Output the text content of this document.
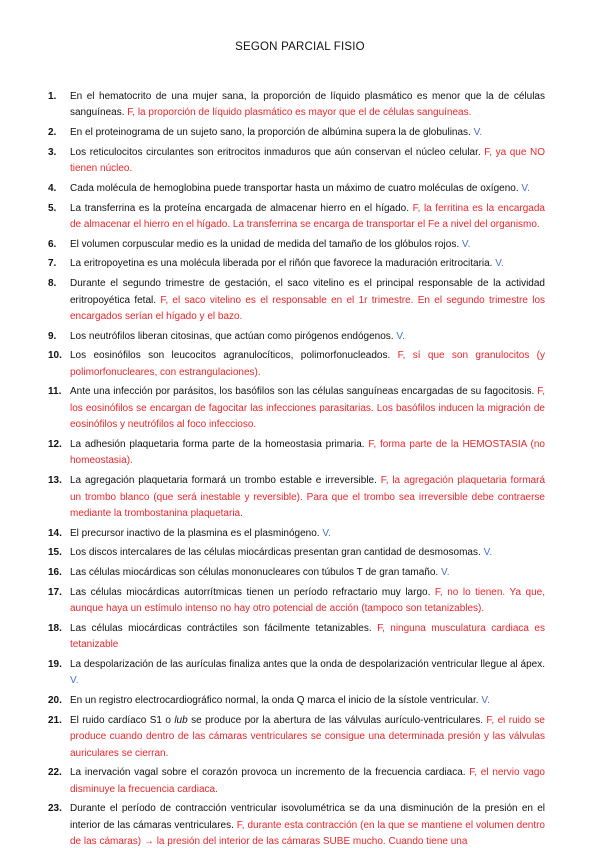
SEGON PARCIAL FISIO
1. En el hematocrito de una mujer sana, la proporción de líquido plasmático es menor que la de células sanguíneas. F, la proporción de líquido plasmático es mayor que el de células sanguíneas.
2. En el proteinograma de un sujeto sano, la proporción de albúmina supera la de globulinas. V.
3. Los reticulocitos circulantes son eritrocitos inmaduros que aún conservan el núcleo celular. F, ya que NO tienen núcleo.
4. Cada molécula de hemoglobina puede transportar hasta un máximo de cuatro moléculas de oxígeno. V.
5. La transferrina es la proteína encargada de almacenar hierro en el hígado. F, la ferritina es la encargada de almacenar el hierro en el hígado. La transferrina se encarga de transportar el Fe a nivel del organismo.
6. El volumen corpuscular medio es la unidad de medida del tamaño de los glóbulos rojos. V.
7. La eritropoyetina es una molécula liberada por el riñón que favorece la maduración eritrocitaria. V.
8. Durante el segundo trimestre de gestación, el saco vitelino es el principal responsable de la actividad eritropoyética fetal. F, el saco vitelino es el responsable en el 1r trimestre. En el segundo trimestre los encargados serían el hígado y el bazo.
9. Los neutrófilos liberan citosinas, que actúan como pirógenos endógenos. V.
10. Los eosinófilos son leucocitos agranulocíticos, polimorfonucleados. F, sí que son granulocitos (y polimorfonucleares, con estrangulaciones).
11. Ante una infección por parásitos, los basófilos son las células sanguíneas encargadas de su fagocitosis. F, los eosinófilos se encargan de fagocitar las infecciones parasitarias. Los basófilos inducen la migración de eosinófilos y neutrófilos al foco infeccioso.
12. La adhesión plaquetaria forma parte de la homeostasia primaria. F, forma parte de la HEMOSTASIA (no homeostasia).
13. La agregación plaquetaria formará un trombo estable e irreversible. F, la agregación plaquetaria formará un trombo blanco (que será inestable y reversible). Para que el trombo sea irreversible debe contraerse mediante la trombostanina plaquetaria.
14. El precursor inactivo de la plasmina es el plasminógeno. V.
15. Los discos intercalares de las células miocárdicas presentan gran cantidad de desmosomas. V.
16. Las células miocárdicas son células mononucleares con túbulos T de gran tamaño. V.
17. Las células miocárdicas autorrítmicas tienen un período refractario muy largo. F, no lo tienen. Ya que, aunque haya un estímulo intenso no hay otro potencial de acción (tampoco son tetanizables).
18. Las células miocárdicas contráctiles son fácilmente tetanizables. F, ninguna musculatura cardiaca es tetanizable
19. La despolarización de las aurículas finaliza antes que la onda de despolarización ventricular llegue al ápex. V.
20. En un registro electrocardiográfico normal, la onda Q marca el inicio de la sístole ventricular. V.
21. El ruido cardíaco S1 o lub se produce por la abertura de las válvulas aurículo-ventriculares. F, el ruido se produce cuando dentro de las cámaras ventriculares se consigue una determinada presión y las válvulas auriculares se cierran.
22. La inervación vagal sobre el corazón provoca un incremento de la frecuencia cardiaca. F, el nervio vago disminuye la frecuencia cardiaca.
23. Durante el período de contracción ventricular isovolumétrica se da una disminución de la presión en el interior de las cámaras ventriculares. F, durante esta contracción (en la que se mantiene el volumen dentro de las cámaras) → la presión del interior de las cámaras SUBE mucho. Cuando tiene una
